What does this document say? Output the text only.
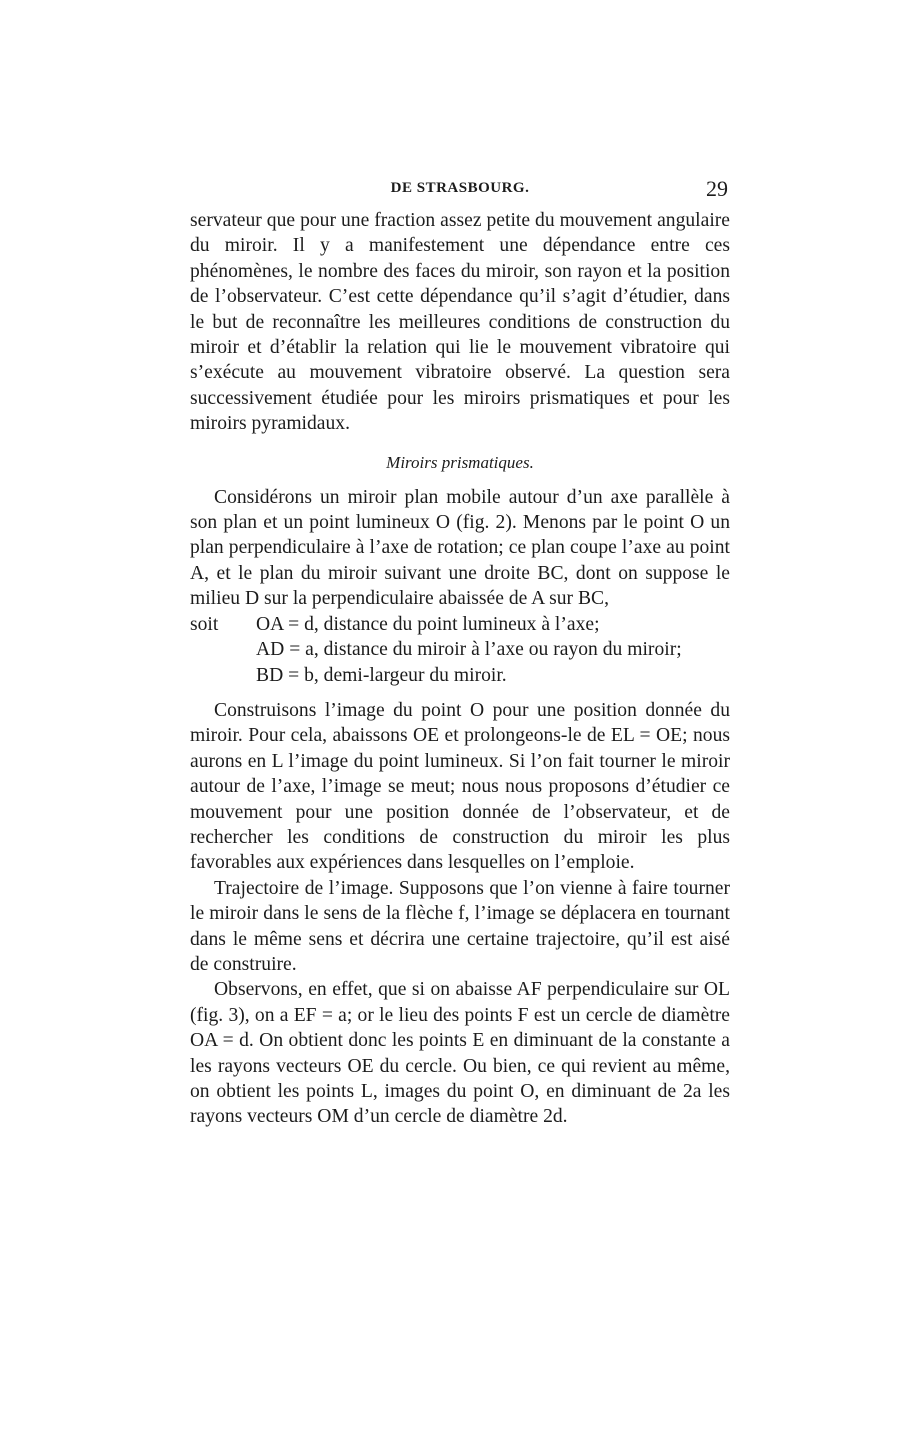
DE STRASBOURG.	29

servateur que pour une fraction assez petite du mouvement angulaire du miroir. Il y a manifestement une dépendance entre ces phénomènes, le nombre des faces du miroir, son rayon et la position de l’observateur. C’est cette dépendance qu’il s’agit d’étudier, dans le but de reconnaître les meilleures conditions de construction du miroir et d’établir la relation qui lie le mouvement vibratoire qui s’exécute au mouvement vibratoire observé. La question sera successivement étudiée pour les miroirs prismatiques et pour les miroirs pyramidaux.

Miroirs prismatiques.

Considérons un miroir plan mobile autour d’un axe parallèle à son plan et un point lumineux O (fig. 2). Menons par le point O un plan perpendiculaire à l’axe de rotation; ce plan coupe l’axe au point A, et le plan du miroir suivant une droite BC, dont on suppose le milieu D sur la perpendiculaire abaissée de A sur BC,

soit OA = d, distance du point lumineux à l’axe;

AD = a, distance du miroir à l’axe ou rayon du miroir;

BD = b, demi-largeur du miroir.

Construisons l’image du point O pour une position donnée du miroir. Pour cela, abaissons OE et prolongeons-le de EL = OE; nous aurons en L l’image du point lumineux. Si l’on fait tourner le miroir autour de l’axe, l’image se meut; nous nous proposons d’étudier ce mouvement pour une position donnée de l’observateur, et de rechercher les conditions de construction du miroir les plus favorables aux expériences dans lesquelles on l’emploie.

Trajectoire de l’image. Supposons que l’on vienne à faire tourner le miroir dans le sens de la flèche f, l’image se déplacera en tournant dans le même sens et décrira une certaine trajectoire, qu’il est aisé de construire.

Observons, en effet, que si on abaisse AF perpendiculaire sur OL (fig. 3), on a EF = a; or le lieu des points F est un cercle de diamètre OA = d. On obtient donc les points E en diminuant de la constante a les rayons vecteurs OE du cercle. Ou bien, ce qui revient au même, on obtient les points L, images du point O, en diminuant de 2a les rayons vecteurs OM d’un cercle de diamètre 2d.
